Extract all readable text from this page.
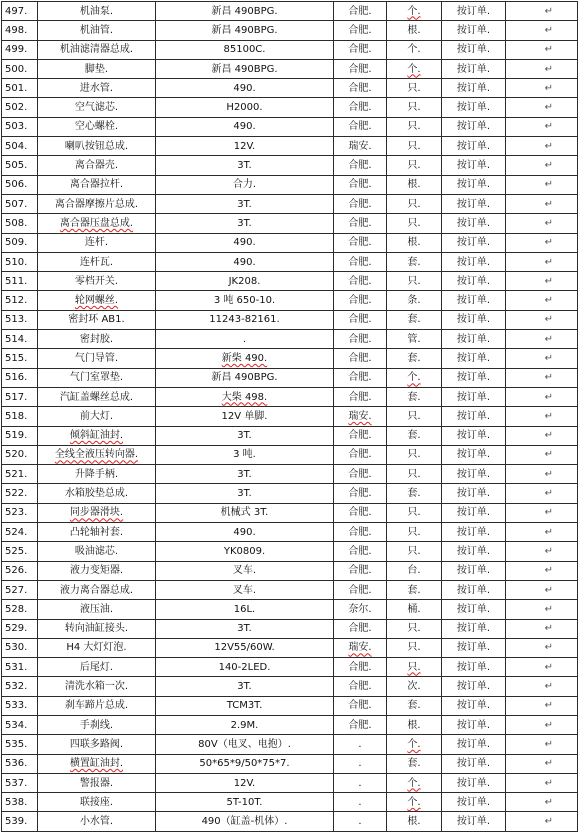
497.	机油泵.	新昌 490BPG.	合肥.	个.	按订单.	↵
498.	机油管.	新昌 490BPG.	合肥.	根.	按订单.	↵
499.	机油滤清器总成.	85100C.	合肥.	个.	按订单.	↵
500.	脚垫.	新昌 490BPG.	合肥.	个.	按订单.	↵
501.	进水管.	490.	合肥.	只.	按订单.	↵
502.	空气滤芯.	H2000.	合肥.	只.	按订单.	↵
503.	空心螺栓.	490.	合肥.	只.	按订单.	↵
504.	喇叭按钮总成.	12V.	瑞安.	只.	按订单.	↵
505.	离合器壳.	3T.	合肥.	只.	按订单.	↵
506.	离合器拉杆.	合力.	合肥.	根.	按订单.	↵
507.	离合器摩擦片总成.	3T.	合肥.	只.	按订单.	↵
508.	离合器压盘总成.	3T.	合肥.	只.	按订单.	↵
509.	连杆.	490.	合肥.	根.	按订单.	↵
510.	连杆瓦.	490.	合肥.	套.	按订单.	↵
511.	零档开关.	JK208.	合肥.	只.	按订单.	↵
512.	轮网螺丝.	3 吨 650-10.	合肥.	条.	按订单.	↵
513.	密封环 AB1.	11243-82161.	合肥.	套.	按订单.	↵
514.	密封胶.	.	合肥.	管.	按订单.	↵
515.	气门导管.	新柴 490.	合肥.	套.	按订单.	↵
516.	气门室罩垫.	新昌 490BPG.	合肥.	个.	按订单.	↵
517.	汽缸盖螺丝总成.	大柴 498.	合肥.	套.	按订单.	↵
518.	前大灯.	12V 单脚.	瑞安.	只.	按订单.	↵
519.	倾斜缸油封.	3T.	合肥.	套.	按订单.	↵
520.	全线全液压转向器.	3 吨.	合肥.	只.	按订单.	↵
521.	升降手柄.	3T.	合肥.	只.	按订单.	↵
522.	水箱胶垫总成.	3T.	合肥.	套.	按订单.	↵
523.	同步器滑块.	机械式 3T.	合肥.	只.	按订单.	↵
524.	凸轮轴衬套.	490.	合肥.	只.	按订单.	↵
525.	吸油滤芯.	YK0809.	合肥.	只.	按订单.	↵
526.	液力变矩器.	叉车.	合肥.	台.	按订单.	↵
527.	液力离合器总成.	叉车.	合肥.	套.	按订单.	↵
528.	液压油.	16L.	奈尔.	桶.	按订单.	↵
529.	转向油缸接头.	3T.	合肥.	只.	按订单.	↵
530.	H4 大灯灯泡.	12V55/60W.	瑞安.	只.	按订单.	↵
531.	后尾灯.	140-2LED.	合肥.	只.	按订单.	↵
532.	清洗水箱一次.	3T.	合肥.	次.	按订单.	↵
533.	刹车蹄片总成.	TCM3T.	合肥.	套.	按订单.	↵
534.	手刹线.	2.9M.	合肥.	根.	按订单.	↵
535.	四联多路阀.	80V（电叉、电抱）.	.	个.	按订单.	↵
536.	横置缸油封.	50*65*9/50*75*7.	.	套.	按订单.	↵
537.	警报器.	12V.	.	个.	按订单.	↵
538.	联接座.	5T-10T.	.	个.	按订单.	↵
539.	小水管.	490（缸盖-机体）.	.	根.	按订单.	↵
